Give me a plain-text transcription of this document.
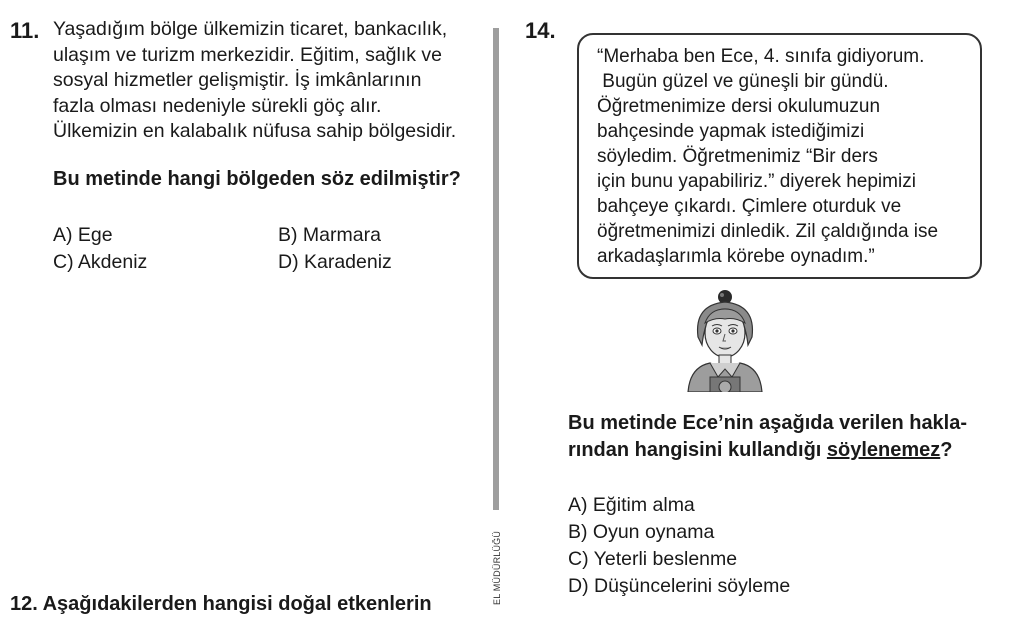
11. Yaşadığım bölge ülkemizin ticaret, bankacılık,
ulaşım ve turizm merkezidir. Eğitim, sağlık ve
sosyal hizmetler gelişmiştir. İş imkânlarının
fazla olması nedeniyle sürekli göç alır.
Ülkemizin en kalabalık nüfusa sahip bölgesidir.
Bu metinde hangi bölgeden söz edilmiştir?
A) Ege	B) Marmara
C) Akdeniz	D) Karadeniz
12. Aşağıdakilerden hangisi doğal etkenlerin	EL MÜDÜRLÜĞÜ
14.
“Merhaba ben Ece, 4. sınıfa gidiyorum.
Bugün güzel ve güneşli bir gündü.
Öğretmenimize dersi okulumuzun
bahçesinde yapmak istediğimizi
söyledim. Öğretmenimiz “Bir ders
için bunu yapabiliriz.” diyerek hepimizi
bahçeye çıkardı. Çimlere oturduk ve
öğretmenimizi dinledik. Zil çaldığında ise
arkadaşlarımla körebe oynadım.”
Bu metinde Ece’nin aşağıda verilen hakla-
rından hangisini kullandığı söylenemez?
A) Eğitim alma
B) Oyun oynama
C) Yeterli beslenme
D) Düşüncelerini söyleme
